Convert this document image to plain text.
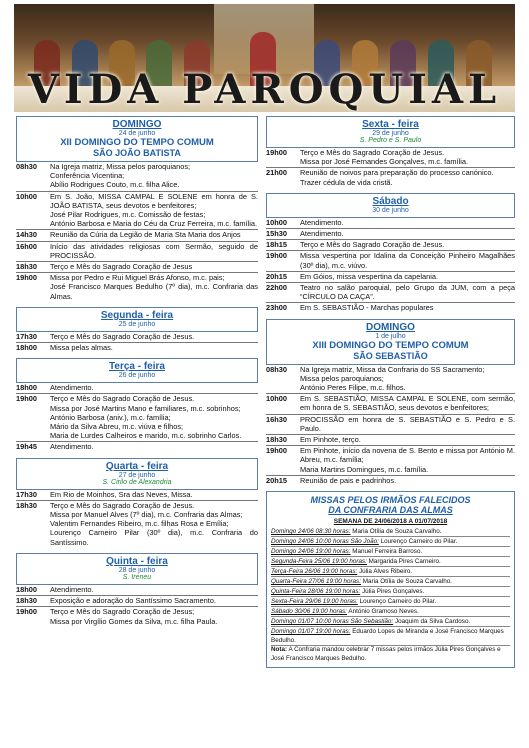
VIDA PAROQUIAL
DOMINGO
24 de junho
XII DOMINGO DO TEMPO COMUM
SÃO JOÃO BATISTA
08h30	Na Igreja matriz, Missa pelos paroquianos;
Conferência Vicentina;
Abílio Rodrigues Couto, m.c. filha Alice.
10h00	Em S. João, MISSA CAMPAL E SOLENE em honra de S. JOÃO BATISTA, seus devotos e benfeitores;
José Pilar Rodrigues, m.c. Comissão de festas;
António Barbosa e Maria do Céu da Cruz Ferreira, m.c. família.
14h30	Reunião da Cúria da Legião de Maria Sta Maria dos Anjos
16h00	Início das atividades religiosas com Sermão, seguido de PROCISSÃO.
18h30	Terço e Mês do Sagrado Coração de Jesus
19h00	Missa por Pedro e Rui Miguel Brás Afonso, m.c. pais;
José Francisco Marques Bedulho (7º dia), m.c. Confraria das Almas.
Segunda - feira
25 de junho
17h30	Terço e Mês do Sagrado Coração de Jesus.
18h00	Missa pelas almas.
Terça - feira
26 de junho
18h00	Atendimento.
19h00	Terço e Mês do Sagrado Coração de Jesus.
Missa por José Martins Mano e familiares, m.c. sobrinhos;
António Barbosa (aniv.), m.c. família;
Mário da Silva Abreu, m.c. viúva e filhos;
Maria de Lurdes Calheiros e marido, m.c. sobrinho Carlos.
19h45	Atendimento.
Quarta - feira
27 de junho
S. Cirilo de Alexandria
17h30	Em Rio de Moinhos, Sra das Neves, Missa.
18h30	Terço e Mês do Sagrado Coração de Jesus.
Missa por Manuel Alves (7º dia), m.c. Confraria das Almas;
Valentim Fernandes Ribeiro, m.c. filhas Rosa e Emília;
Lourenço Carneiro Pilar (30º dia), m.c. Confraria do Santíssimo.
Quinta - feira
28 de junho
S. Ireneu
18h00	Atendimento.
18h30	Exposição e adoração do Santíssimo Sacramento.
19h00	Terço e Mês do Sagrado Coração de Jesus;
Missa por Virgílio Gomes da Silva, m.c. filha Paula.
Sexta - feira
29 de junho
S. Pedro e S. Paulo
19h00	Terço e Mês do Sagrado Coração de Jesus.
Missa por José Fernandes Gonçalves, m.c. família.
21h00	Reunião de noivos para preparação do processo canónico.
Trazer cédula de vida cristã.
Sábado
30 de junho
10h00	Atendimento.
15h30	Atendimento.
18h15	Terço e Mês do Sagrado Coração de Jesus.
19h00	Missa vespertina por Idalina da Conceição Pinheiro Magalhães (30º dia), m.c. viúvo.
20h15	Em Góios, missa vespertina da capelania.
22h00	Teatro no salão paroquial, pelo Grupo da JUM, com a peça “CÍRCULO DA CAÇA”.
23h00	Em S. SEBASTIÃO - Marchas populares
DOMINGO
1 de julho
XIII DOMINGO DO TEMPO COMUM
SÃO SEBASTIÃO
08h30	Na Igreja matriz, Missa da Confraria do SS Sacramento;
Missa pelos paroquianos;
António Peres Filipe, m.c. filhos.
10h00	Em S. SEBASTIÃO, MISSA CAMPAL E SOLENE, com sermão, em honra de S. SEBASTIÃO, seus devotos e benfeitores;
16h30	PROCISSÃO em honra de S. SEBASTIÃO e S. Pedro e S. Paulo.
18h30	Em Pinhote, terço.
19h00	Em Pinhote, início da novena de S. Bento e missa por António M. Abreu, m.c. família;
Maria Martins Domingues, m.c. família.
20h15	Reunião de pais e padrinhos.
MISSAS PELOS IRMÃOS FALECIDOS
DA CONFRARIA DAS ALMAS
SEMANA DE 24/06/2018 A 01/07/2018
Domingo 24/06 08:30 horas: Maria Otília de Souza Carvalho.
Domingo 24/06 10:00 horas São João: Lourenço Carneiro do Pilar.
Domingo 24/06 19:00 horas: Manuel Ferreira Barroso.
Segunda-Feira 25/06 19:00 horas: Margarida Pires Carneiro.
Terça-Feira 26/06 19:00 horas: Júlia Alves Ribeiro.
Quarta-Feira 27/06 19:00 horas: Maria Otília de Souza Carvalho.
Quinta-Feira 28/06 19:00 horas: Júlia Pires Gonçalves.
Sexta-Feira 29/06 19:00 horas: Lourenço Carneiro do Pilar.
Sábado 30/06 19:00 horas: António Gramoso Neves.
Domingo 01/07 10:00 horas São Sebastião: Joaquim da Silva Cardoso.
Domingo 01/07 19:00 horas: Eduardo Lopes de Miranda e José Francisco Marques Bedulho.
Nota: A Confraria mandou celebrar 7 missas pelos irmãos Júlia Pires Gonçalves e José Francisco Marques Bedulho.
